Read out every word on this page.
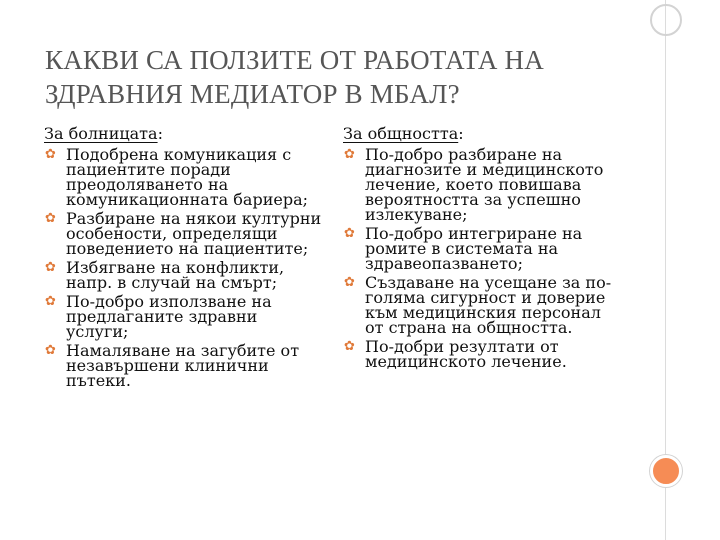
КАКВИ СА ПОЛЗИТЕ ОТ РАБОТАТА НА
ЗДРАВНИЯ МЕДИАТОР В МБАЛ?

За болницата:

✿ Подобрена комуникация с пациентите поради преодоляването на комуникационната бариера;
✿ Разбиране на някои културни особености, определящи поведението на пациентите;
✿ Избягване на конфликти, напр. в случай на смърт;
✿ По-добро използване на предлаганите здравни услуги;
✿ Намаляване на загубите от незавършени клинични пътеки.

За общността:

✿ По-добро разбиране на диагнозите и медицинското лечение, което повишава вероятността за успешно излекуване;
✿ По-добро интегриране на ромите в системата на здравеопазването;
✿ Създаване на усещане за по-голяма сигурност и доверие към медицинския персонал от страна на общността.
✿ По-добри резултати от медицинското лечение.
